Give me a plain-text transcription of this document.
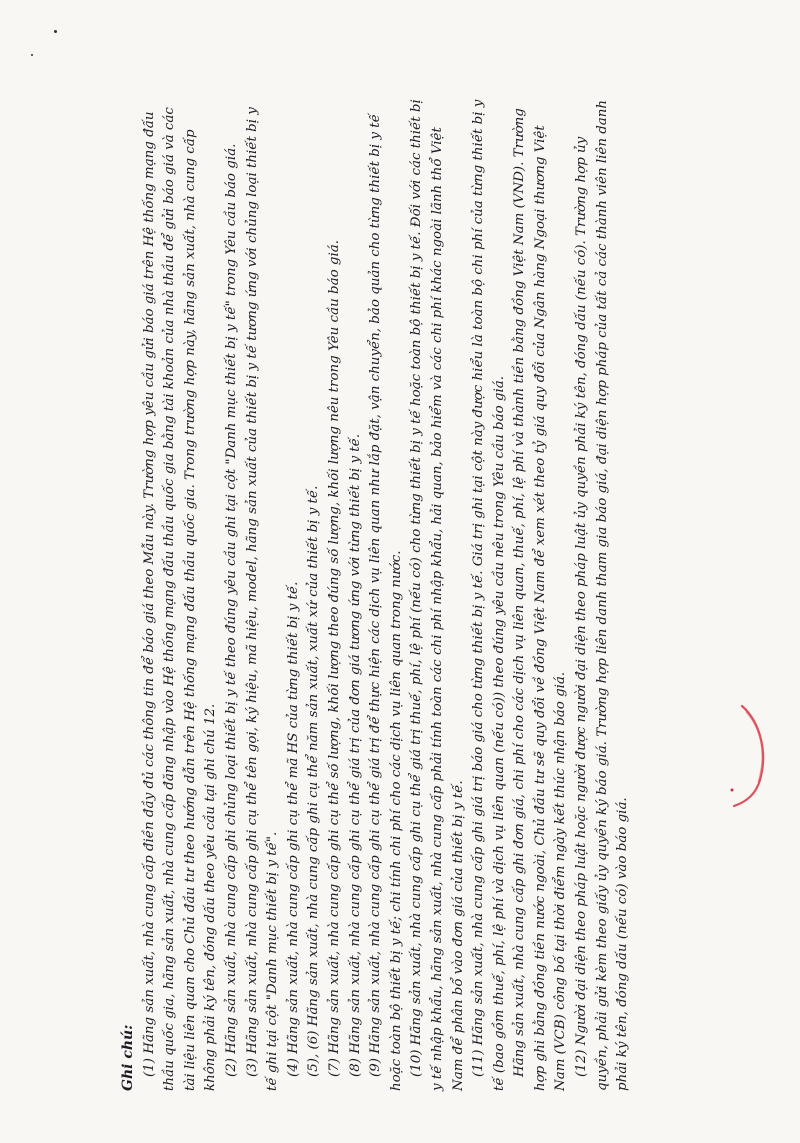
Ghi chú: (1) Hãng sản xuất, nhà cung cấp điền đầy đủ các thông tin để báo giá theo Mẫu này. Trường hợp yêu cầu gửi báo giá trên Hệ thống mạng đấu thầu quốc gia, hãng sản xuất, nhà cung cấp đăng nhập vào Hệ thống mạng đấu thầu quốc gia bằng tài khoản của nhà thầu để gửi báo giá và các tài liệu liên quan cho Chủ đầu tư theo hướng dẫn trên Hệ thống mạng đấu thầu quốc gia. Trong trường hợp này, hãng sản xuất, nhà cung cấp không phải ký tên, đóng dấu theo yêu cầu tại ghi chú 12. (2) Hãng sản xuất, nhà cung cấp ghi chủng loại thiết bị y tế theo đúng yêu cầu ghi tại cột "Danh mục thiết bị y tế" trong Yêu cầu báo giá. (3) Hãng sản xuất, nhà cung cấp ghi cụ thể tên gọi, ký hiệu, mã hiệu, model, hãng sản xuất của thiết bị y tế tương ứng với chủng loại thiết bị y tế ghi tại cột "Danh mục thiết bị y tế". (4) Hãng sản xuất, nhà cung cấp ghi cụ thể mã HS của từng thiết bị y tế. (5), (6) Hãng sản xuất, nhà cung cấp ghi cụ thể năm sản xuất, xuất xứ của thiết bị y tế. (7) Hãng sản xuất, nhà cung cấp ghi cụ thể số lượng, khối lượng theo đúng số lượng, khối lượng nêu trong Yêu cầu báo giá. (8) Hãng sản xuất, nhà cung cấp ghi cụ thể giá trị của đơn giá tương ứng với từng thiết bị y tế. (9) Hãng sản xuất, nhà cung cấp ghi cụ thể giá trị để thực hiện các dịch vụ liên quan như lắp đặt, vận chuyển, bảo quản cho từng thiết bị y tế hoặc toàn bộ thiết bị y tế; chi tính chi phí cho các dịch vụ liên quan trong nước. (10) Hãng sản xuất, nhà cung cấp ghi cụ thể giá trị thuế, phí, lệ phí (nếu có) cho từng thiết bị y tế hoặc toàn bộ thiết bị y tế. Đối với các thiết bị y tế nhập khẩu, hãng sản xuất, nhà cung cấp phải tính toàn các chi phí nhập khẩu, hải quan, bảo hiểm và các chi phí khác ngoài lãnh thổ Việt Nam để phân bổ vào đơn giá của thiết bị y tế. (11) Hãng sản xuất, nhà cung cấp ghi giá trị báo giá cho từng thiết bị y tế. Giá trị ghi tại cột này được hiểu là toàn bộ chi phí của từng thiết bị y tế (bao gồm thuế, phí, lệ phí và dịch vụ liên quan (nếu có)) theo đúng yêu cầu nêu trong Yêu cầu báo giá. Hãng sản xuất, nhà cung cấp ghi đơn giá, chi phí cho các dịch vụ liên quan, thuế, phí, lệ phí và thành tiền bằng đồng Việt Nam (VND). Trường hợp ghi bằng đồng tiền nước ngoài, Chủ đầu tư sẽ quy đổi về đồng Việt Nam để xem xét theo tỷ giá quy đổi của Ngân hàng Ngoại thương Việt Nam (VCB) công bố tại thời điểm ngày kết thúc nhận báo giá. (12) Người đại diện theo pháp luật hoặc người được người đại diện theo pháp luật ủy quyền phải ký tên, đóng dấu (nếu có). Trường hợp ủy quyền, phải gửi kèm theo giấy ủy quyền ký báo giá. Trường hợp liên danh tham gia báo giá, đại diện hợp pháp của tất cả các thành viên liên danh phải ký tên, đóng dấu (nếu có) vào báo giá.
